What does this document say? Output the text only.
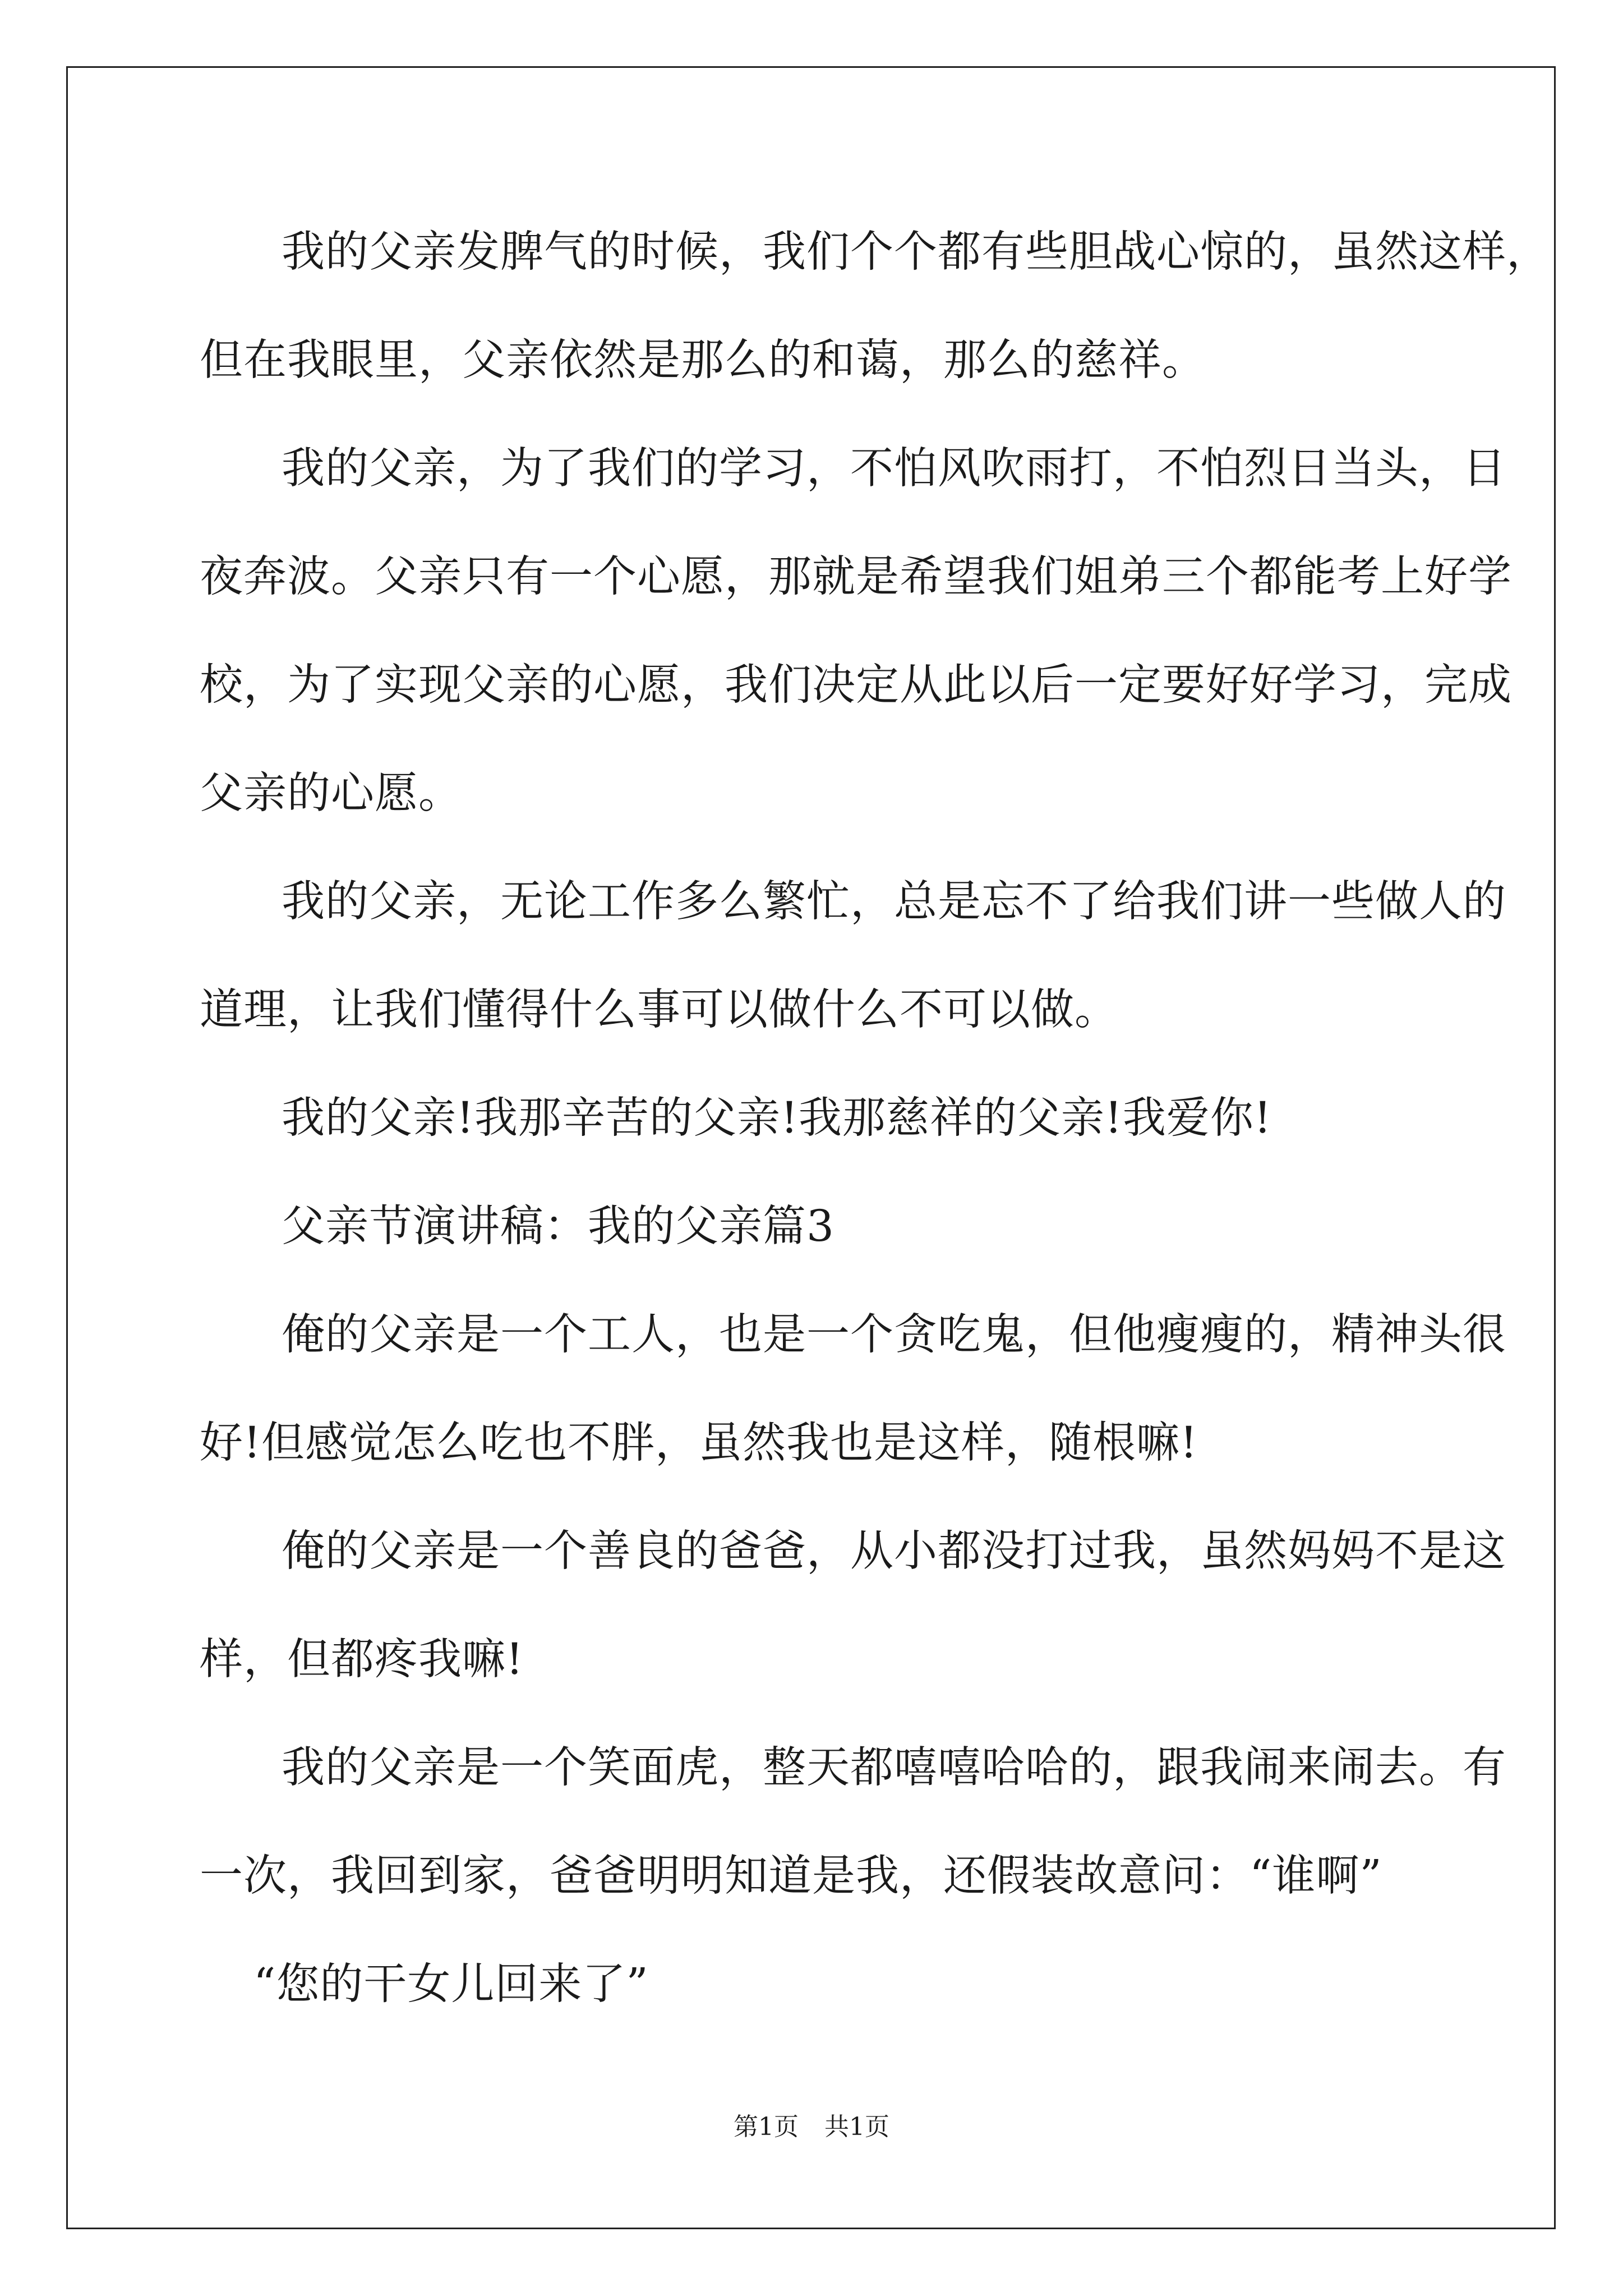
我的父亲发脾气的时候，我们个个都有些胆战心惊的，虽然这样，
但在我眼里，父亲依然是那么的和蔼，那么的慈祥。
我的父亲，为了我们的学习，不怕风吹雨打，不怕烈日当头，日
夜奔波。父亲只有一个心愿，那就是希望我们姐弟三个都能考上好学
校，为了实现父亲的心愿，我们决定从此以后一定要好好学习，完成
父亲的心愿。
我的父亲，无论工作多么繁忙，总是忘不了给我们讲一些做人的
道理，让我们懂得什么事可以做什么不可以做。
我的父亲!我那辛苦的父亲!我那慈祥的父亲!我爱你!
父亲节演讲稿：我的父亲篇3
俺的父亲是一个工人，也是一个贪吃鬼，但他瘦瘦的，精神头很
好!但感觉怎么吃也不胖，虽然我也是这样，随根嘛!
俺的父亲是一个善良的爸爸，从小都没打过我，虽然妈妈不是这
样，但都疼我嘛!
我的父亲是一个笑面虎，整天都嘻嘻哈哈的，跟我闹来闹去。有
一次，我回到家，爸爸明明知道是我，还假装故意问：“谁啊”
“您的干女儿回来了”
第1页 共1页
